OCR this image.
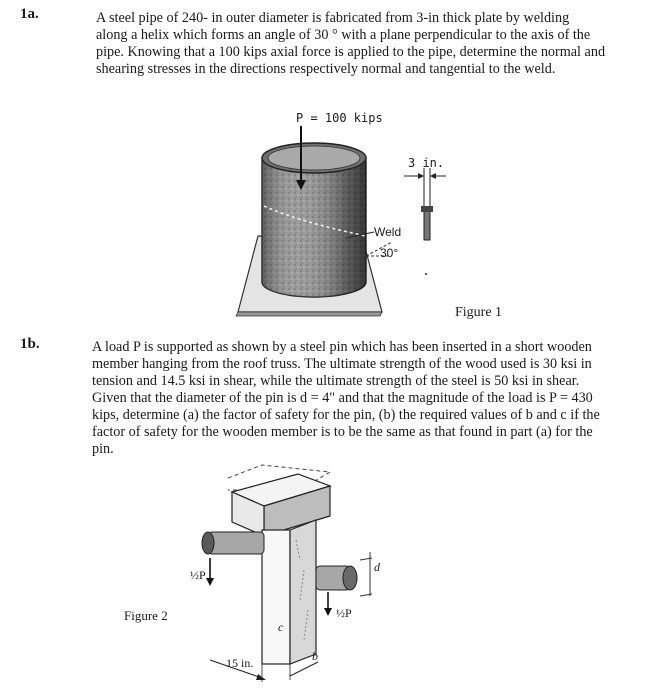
1a.	A steel pipe of 240- in outer diameter is fabricated from 3-in thick plate by welding

along a helix which forms an angle of 30 ° with a plane perpendicular to the axis of the

pipe. Knowing that a 100 kips axial force is applied to the pipe, determine the normal and

shearing stresses in the directions respectively normal and tangential to the weld.

P = 100 kips
3 in.
Weld
30°
Figure 1
1b.	A load P is supported as shown by a steel pin which has been inserted in a short wooden

member hanging from the roof truss. The ultimate strength of the wood used is 30 ksi in

tension and 14.5 ksi in shear, while the ultimate strength of the steel is 50 ksi in shear.

Given that the diameter of the pin is d = 4" and that the magnitude of the load is P = 430

kips, determine (a) the factor of safety for the pin, (b) the required values of b and c if the

factor of safety for the wooden member is to be the same as that found in part (a) for the

pin.

½P
½P
d
b
c
15 in.
Figure 2
